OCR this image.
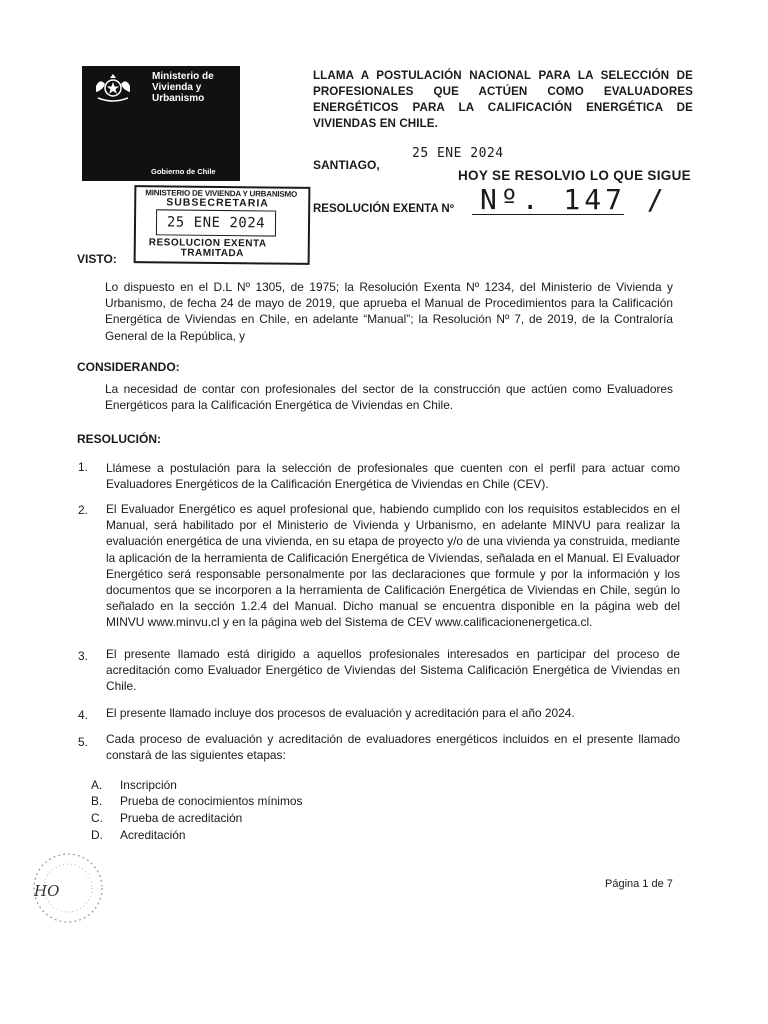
Ministerio de
Vivienda y
Urbanismo
Gobierno de Chile
LLAMA A POSTULACIÓN NACIONAL PARA LA SELECCIÓN DE PROFESIONALES QUE ACTÚEN COMO EVALUADORES ENERGÉTICOS PARA LA CALIFICACIÓN ENERGÉTICA DE VIVIENDAS EN CHILE.
SANTIAGO,
25 ENE 2024
HOY SE RESOLVIO LO QUE SIGUE
MINISTERIO DE VIVIENDA Y URBANISMO
SUBSECRETARIA
25 ENE 2024
RESOLUCION EXENTA
TRAMITADA
RESOLUCIÓN EXENTA Nº Nº. 147 /
VISTO:
Lo dispuesto en el D.L Nº 1305, de 1975; la Resolución Exenta Nº 1234, del Ministerio de Vivienda y Urbanismo, de fecha 24 de mayo de 2019, que aprueba el Manual de Procedimientos para la Calificación Energética de Viviendas en Chile, en adelante “Manual”; la Resolución Nº 7, de 2019, de la Contraloría General de la República, y
CONSIDERANDO:
La necesidad de contar con profesionales del sector de la construcción que actúen como Evaluadores Energéticos para la Calificación Energética de Viviendas en Chile.
RESOLUCIÓN:
1. Llámese a postulación para la selección de profesionales que cuenten con el perfil para actuar como Evaluadores Energéticos de la Calificación Energética de Viviendas en Chile (CEV).
2. El Evaluador Energético es aquel profesional que, habiendo cumplido con los requisitos establecidos en el Manual, será habilitado por el Ministerio de Vivienda y Urbanismo, en adelante MINVU para realizar la evaluación energética de una vivienda, en su etapa de proyecto y/o de una vivienda ya construida, mediante la aplicación de la herramienta de Calificación Energética de Viviendas, señalada en el Manual. El Evaluador Energético será responsable personalmente por las declaraciones que formule y por la información y los documentos que se incorporen a la herramienta de Calificación Energética de Viviendas en Chile, según lo señalado en la sección 1.2.4 del Manual. Dicho manual se encuentra disponible en la página web del MINVU www.minvu.cl y en la página web del Sistema de CEV www.calificacionenergetica.cl.
3. El presente llamado está dirigido a aquellos profesionales interesados en participar del proceso de acreditación como Evaluador Energético de Viviendas del Sistema Calificación Energética de Viviendas en Chile.
4. El presente llamado incluye dos procesos de evaluación y acreditación para el año 2024.
5. Cada proceso de evaluación y acreditación de evaluadores energéticos incluidos en el presente llamado constará de las siguientes etapas:
A. Inscripción
B. Prueba de conocimientos mínimos
C. Prueba de acreditación
D. Acreditación
HO	Página 1 de 7
